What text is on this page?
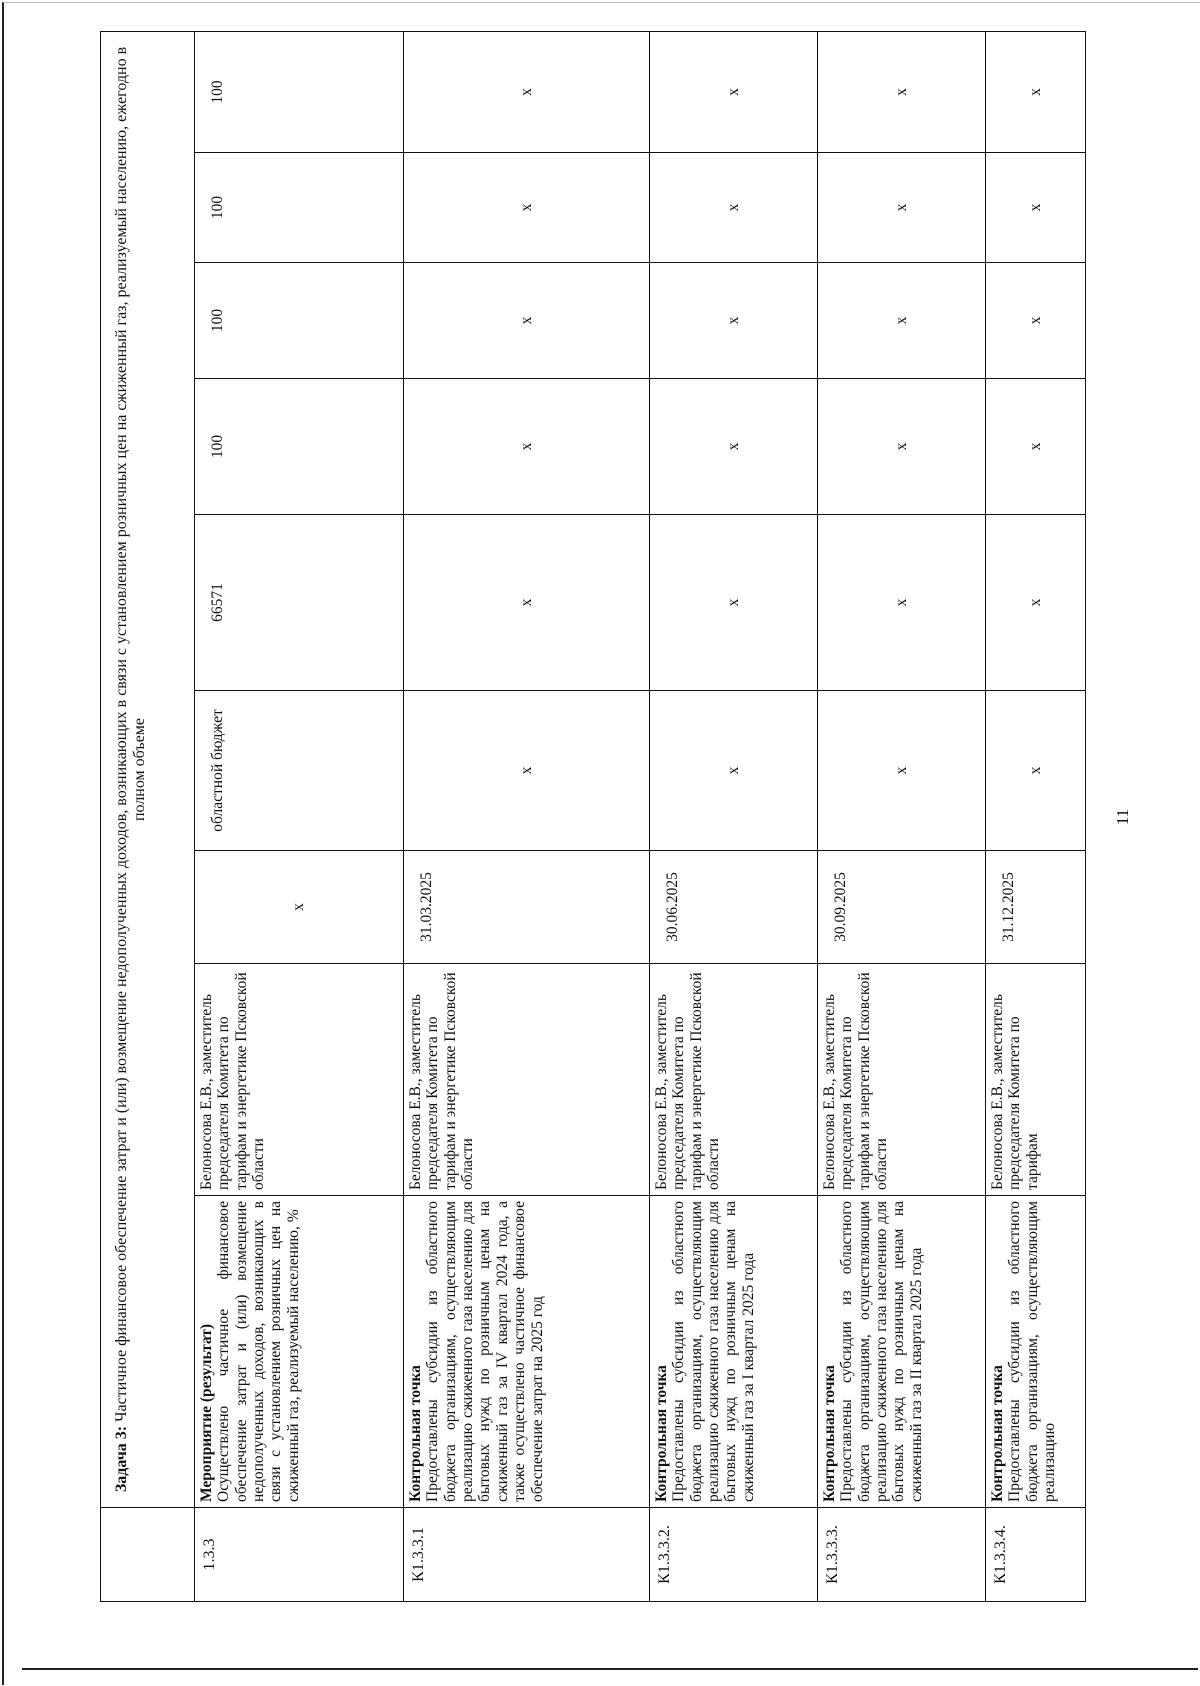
	Задача 3: Частичное финансовое обеспечение затрат и (или) возмещение недополученных доходов, возникающих в связи с установлением розничных цен на сжиженный газ, реализуемый населению, ежегодно в полном объеме								
1.3.3	Мероприятие (результат) Осуществлено частичное финансовое обеспечение затрат и (или) возмещение недополученных доходов, возникающих в связи с установлением розничных цен на сжиженный газ, реализуемый населению, %	Белоносова Е.В., заместитель председателя Комитета по тарифам и энергетике Псковской области	x	областной бюджет	66571	100	100	100	100
К1.3.3.1	Контрольная точка Предоставлены субсидии из областного бюджета организациям, осуществляющим реализацию сжиженного газа населению для бытовых нужд по розничным ценам на сжиженный газ за IV квартал 2024 года, а также осуществлено частичное финансовое обеспечение затрат на 2025 год	Белоносова Е.В., заместитель председателя Комитета по тарифам и энергетике Псковской области	31.03.2025	x	x	x	x	x	x
К1.3.3.2.	Контрольная точка Предоставлены субсидии из областного бюджета организациям, осуществляющим реализацию сжиженного газа населению для бытовых нужд по розничным ценам на сжиженный газ за I квартал 2025 года	Белоносова Е.В., заместитель председателя Комитета по тарифам и энергетике Псковской области	30.06.2025	x	x	x	x	x	x
К1.3.3.3.	Контрольная точка Предоставлены субсидии из областного бюджета организациям, осуществляющим реализацию сжиженного газа населению для бытовых нужд по розничным ценам на сжиженный газ за II квартал 2025 года	Белоносова Е.В., заместитель председателя Комитета по тарифам и энергетике Псковской области	30.09.2025	x	x	x	x	x	x
К1.3.3.4.	Контрольная точка Предоставлены субсидии из областного бюджета организациям, осуществляющим реализацию	Белоносова Е.В., заместитель председателя Комитета по тарифам	31.12.2025	x	x	x	x	x	x
11
